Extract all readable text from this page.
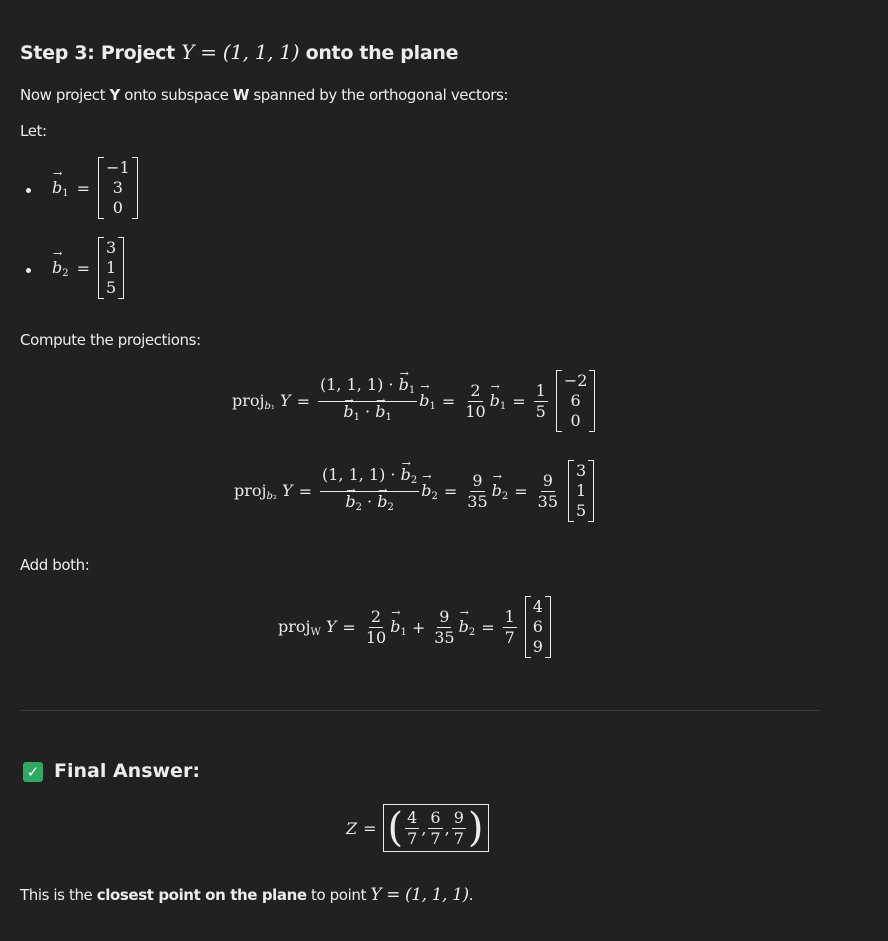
Step 3: Project Y = (1, 1, 1) onto the plane
Now project Y onto subspace W spanned by the orthogonal vectors:
Let:
→ $b_1$ =
−1
3
0
→ $b_2$ =
3
1
5
Compute the projections:
proj$_{b_1}$ Y = (1, 1, 1) · → $b_1$
→ $b_1$ · → $b_1$
→ $b_1 = \frac{2}{10}$
→ $b_1 = \frac{1}{5}$
−2
6
0
proj$_{b_2}$ Y = (1, 1, 1) · → $b_2$
→ $b_2$ · → $b_2$
→ $b_2 = \frac{9}{35}$
→ $b_2 = \frac{9}{35}$
3
1
5
Add both:
proj$_W$ $Y = \frac{2}{10}$
→ $b_1 + \frac{9}{35}$
→ $b_2 = \frac{1}{7}$
4
6
9
✓ Final Answer:
Z = ( $\frac{4}{7}$ , $\frac{6}{7}$ , $\frac{9}{7}$ )
This is the closest point on the plane to point Y = (1, 1, 1).
